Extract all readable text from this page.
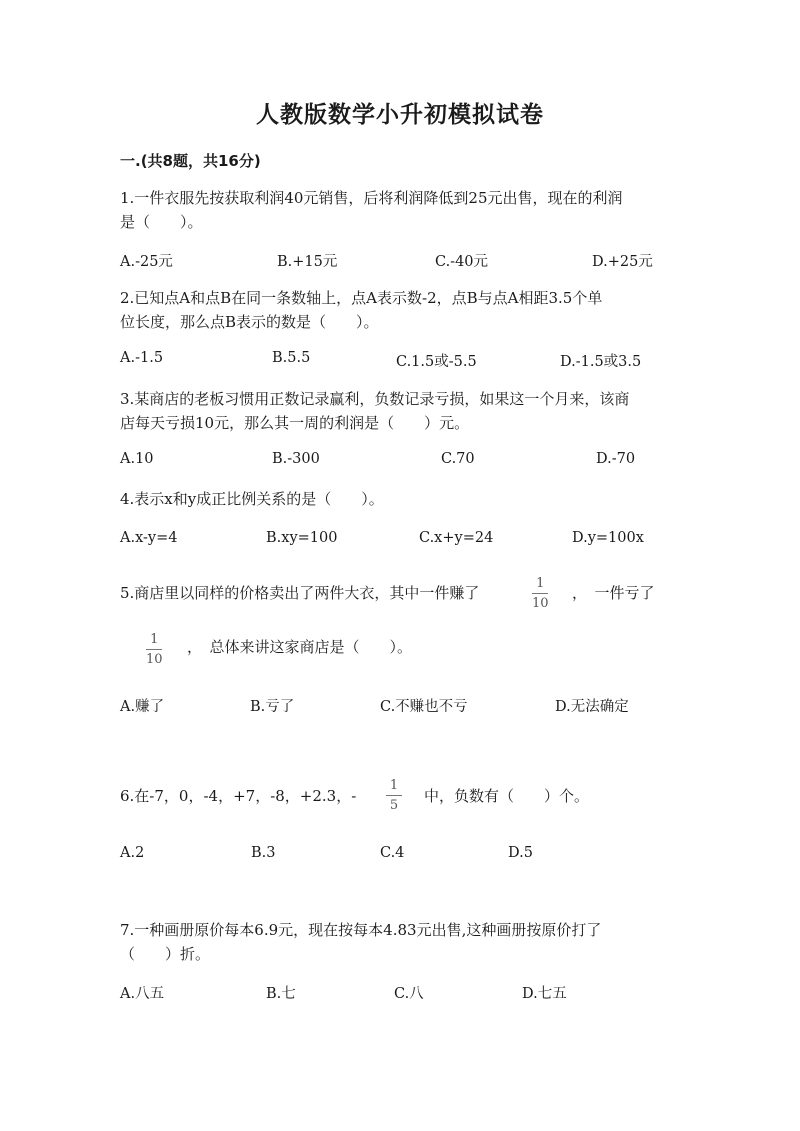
人教版数学小升初模拟试卷
一.(共8题，共16分)

1.一件衣服先按获取利润40元销售，后将利润降低到25元出售，现在的利润

是（　　）。

A.-25元	B.+15元	C.-40元	D.+25元

2.已知点A和点B在同一条数轴上，点A表示数-2，点B与点A相距3.5个单

位长度，那么点B表示的数是（　　）。

A.-1.5	B.5.5	C.1.5或-5.5	D.-1.5或3.5

3.某商店的老板习惯用正数记录赢利，负数记录亏损，如果这一个月来，该商

店每天亏损10元，那么其一周的利润是（　　）元。

A.10	B.-300	C.70	D.-70

4.表示x和y成正比例关系的是（　　）。

A.x-y=4	B.xy=100	C.x+y=24	D.y=100x
5.商店里以同样的价格卖出了两件大衣，其中一件赚了
1
10
，　一件亏了
1
10
，　总体来讲这家商店是（　　）。
A.赚了	B.亏了	C.不赚也不亏	D.无法确定
6.在-7，0，-4，+7，-8，+2.3，-
1
5
中，负数有（　　）个。
A.2	B.3	C.4	D.5

7.一种画册原价每本6.9元，现在按每本4.83元出售,这种画册按原价打了

（　　）折。

A.八五	B.七	C.八	D.七五
